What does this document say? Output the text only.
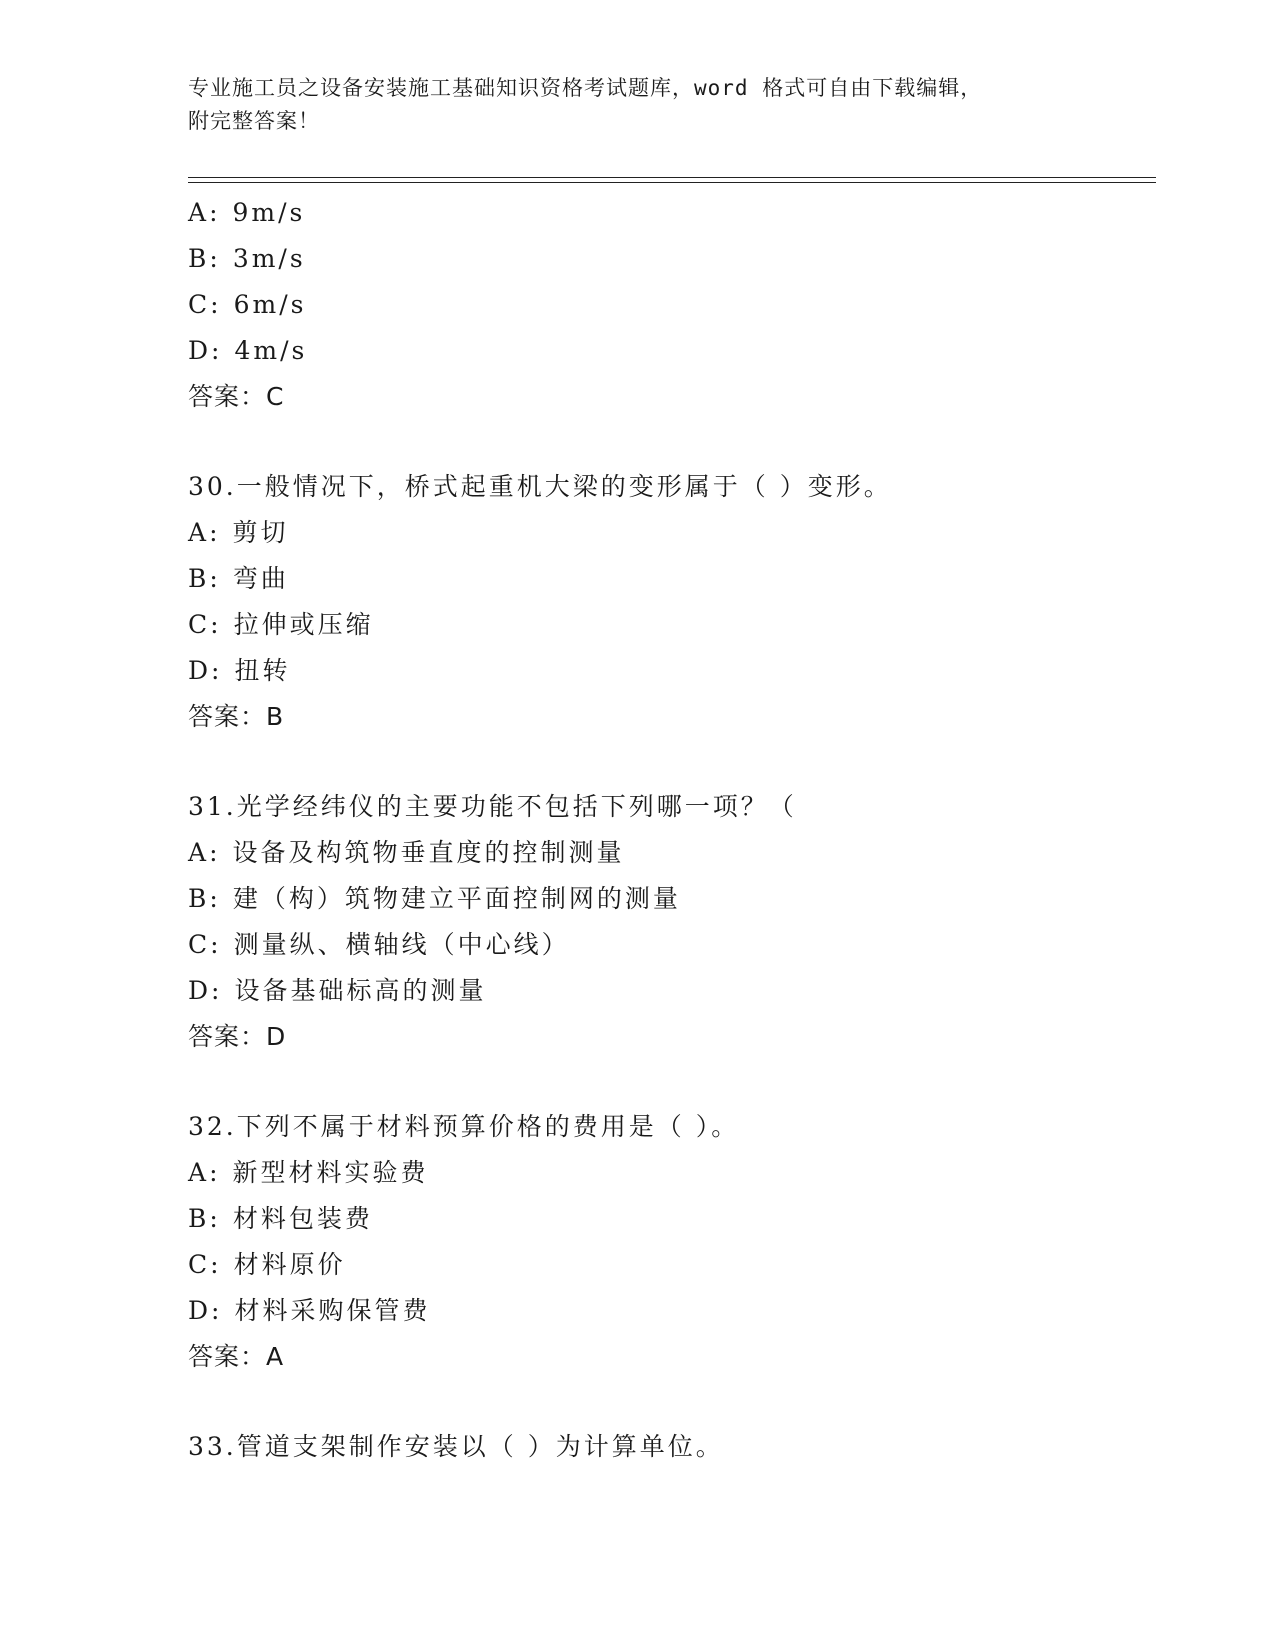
专业施工员之设备安装施工基础知识资格考试题库，word 格式可自由下载编辑，
附完整答案！
A: 9m/s
B: 3m/s
C: 6m/s
D: 4m/s
答案：C
30.一般情况下，桥式起重机大梁的变形属于（ ）变形。
A: 剪切
B: 弯曲
C: 拉伸或压缩
D: 扭转
答案：B
31.光学经纬仪的主要功能不包括下列哪一项？（
A: 设备及构筑物垂直度的控制测量
B: 建（构）筑物建立平面控制网的测量
C: 测量纵、横轴线（中心线）
D: 设备基础标高的测量
答案：D
32.下列不属于材料预算价格的费用是（ ）。
A: 新型材料实验费
B: 材料包装费
C: 材料原价
D: 材料采购保管费
答案：A
33.管道支架制作安装以（ ）为计算单位。
